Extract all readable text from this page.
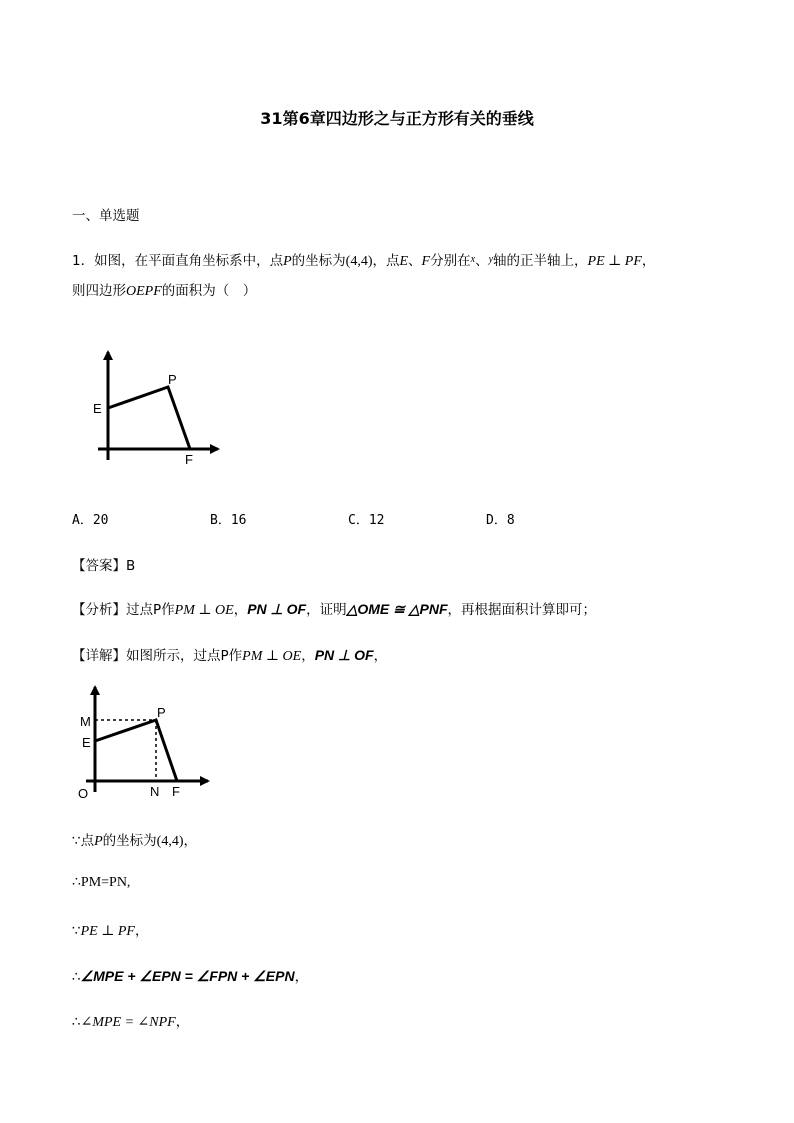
31第6章四边形之与正方形有关的垂线
一、单选题
1．如图，在平面直角坐标系中，点P的坐标为(4,4)，点E、F分别在$^x$、$^y$轴的正半轴上，PE ⊥ PF，
则四边形OEPF的面积为（　）
E
P
F
A．20	B．16	C．12	D．8
【答案】B
【分析】过点P作PM ⊥ OE，PN ⊥ OF，证明△OME ≅ △PNF，再根据面积计算即可；
【详解】如图所示，过点P作PM ⊥ OE，PN ⊥ OF，
M
P
E
O	N F
∵点P的坐标为(4,4)，
∴PM=PN,
∵PE ⊥ PF，
∴∠MPE + ∠EPN = ∠FPN + ∠EPN，
∴∠MPE = ∠NPF，
